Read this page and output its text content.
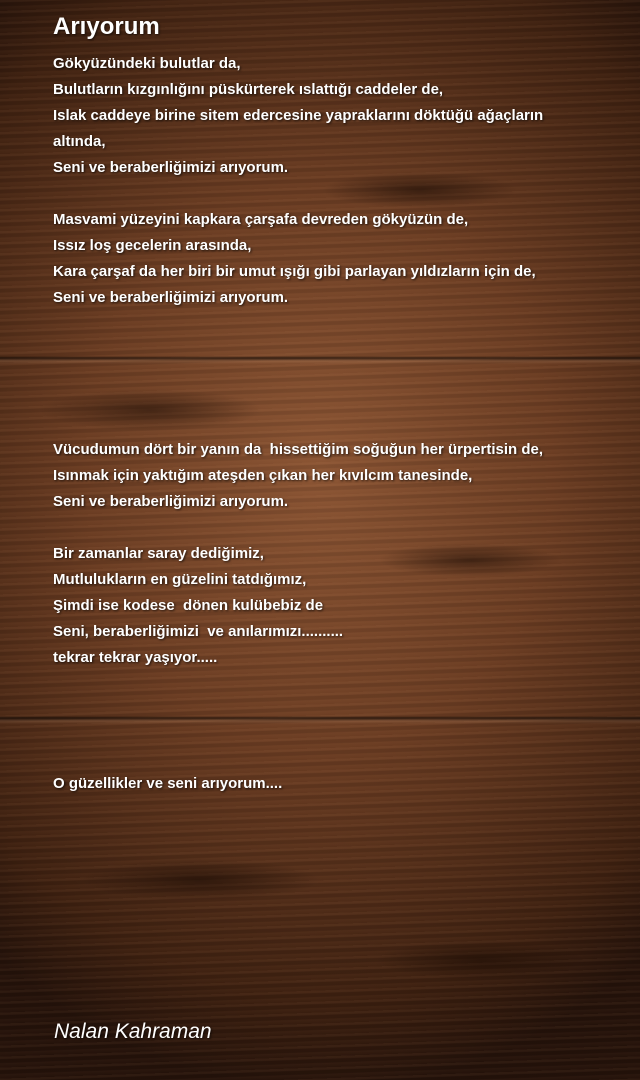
Arıyorum
Gökyüzündeki bulutlar da,
Bulutların kızgınlığını püskürterek ıslattığı caddeler de,
Islak caddeye birine sitem edercesine yapraklarını döktüğü ağaçların altında,
Seni ve beraberliğimizi arıyorum.
Masvami yüzeyini kapkara çarşafa devreden gökyüzün de,
Issız loş gecelerin arasında,
Kara çarşaf da her biri bir umut ışığı gibi parlayan yıldızların için de,
Seni ve beraberliğimizi arıyorum.
Vücudumun dört bir yanın da  hissettiğim soğuğun her ürpertisin de,
Isınmak için yaktığım ateşden çıkan her kıvılcım tanesinde,
Seni ve beraberliğimizi arıyorum.
Bir zamanlar saray dediğimiz,
Mutlulukların en güzelini tatdığımız,
Şimdi ise kodese  dönen kulübebiz de
Seni, beraberliğimizi  ve anılarımızı..........
tekrar tekrar yaşıyor.....
O güzellikler ve seni arıyorum....
Nalan Kahraman
